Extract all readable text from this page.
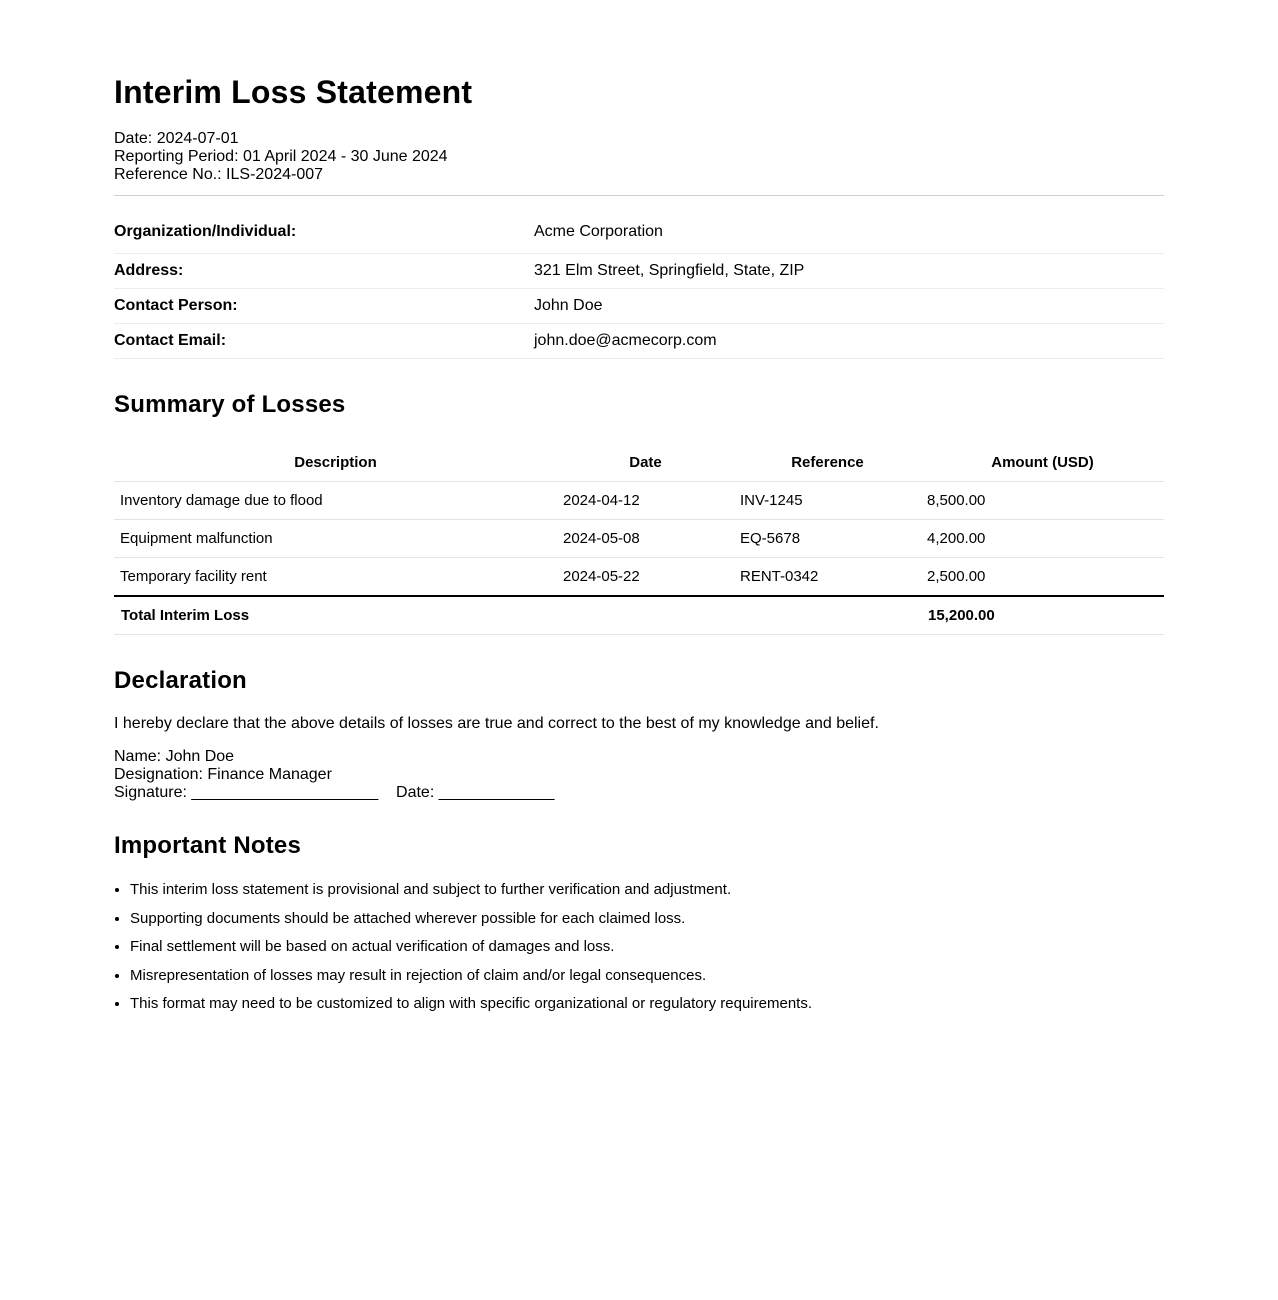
Interim Loss Statement
Date: 2024-07-01
Reporting Period: 01 April 2024 - 30 June 2024
Reference No.: ILS-2024-007
Organization/Individual:	Acme Corporation
Address:	321 Elm Street, Springfield, State, ZIP
Contact Person:	John Doe
Contact Email:	john.doe@acmecorp.com
Summary of Losses
Description	Date	Reference	Amount (USD)
Inventory damage due to flood	2024-04-12	INV-1245	8,500.00
Equipment malfunction	2024-05-08	EQ-5678	4,200.00
Temporary facility rent	2024-05-22	RENT-0342	2,500.00
Total Interim Loss			15,200.00
Declaration
I hereby declare that the above details of losses are true and correct to the best of my knowledge and belief.
Name: John Doe
Designation: Finance Manager
Signature: _____________________    Date: _____________
Important Notes
• This interim loss statement is provisional and subject to further verification and adjustment.
• Supporting documents should be attached wherever possible for each claimed loss.
• Final settlement will be based on actual verification of damages and loss.
• Misrepresentation of losses may result in rejection of claim and/or legal consequences.
• This format may need to be customized to align with specific organizational or regulatory requirements.
